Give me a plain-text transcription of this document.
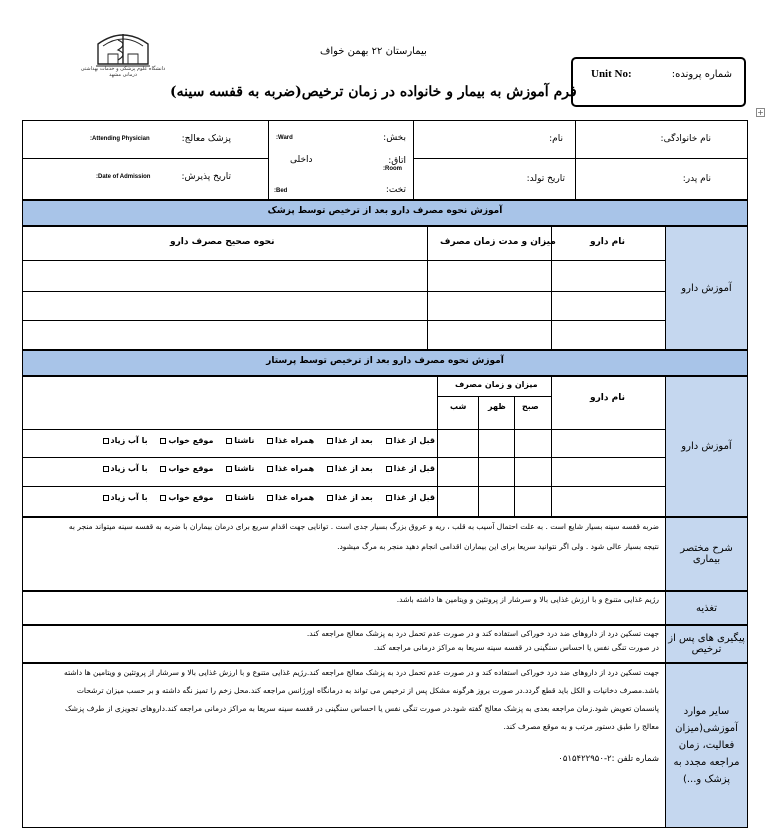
دانشگاه علوم پزشکی و خدمات بهداشتی درمانی مشهد
بیمارستان ۲۲ بهمن خواف
فرم آموزش به بیمار و خانواده در زمان ترخیص(ضربه به قفسه سینه)
شماره پرونده:
Unit No:
+
نام خانوادگی:
نام:
نام پدر:
تاریخ تولد:
بخش:
Ward:
اتاق:
Room:
داخلی
تخت:
Bed:
پزشک معالج:
Attending Physician:
تاریخ پذیرش:
Date of Admission:
آموزش نحوه مصرف دارو بعد از ترخیص توسط پزشک
آموزش دارو
نام دارو
میزان و مدت زمان مصرف
نحوه صحیح مصرف دارو
آموزش نحوه مصرف دارو بعد از ترخیص توسط پرستار
آموزش دارو
نام دارو
میزان و زمان مصرف
صبح
ظهر
شب
قبل از غذا بعد از غذا همراه غذا ناشتا موقع خواب با آب زیاد
قبل از غذا بعد از غذا همراه غذا ناشتا موقع خواب با آب زیاد
قبل از غذا بعد از غذا همراه غذا ناشتا موقع خواب با آب زیاد
شرح مختصر بیماری
ضربه قفسه سینه بسیار شایع است . به علت احتمال آسیب به قلب ، ریه و عروق بزرگ بسیار جدی است . توانایی جهت اقدام سریع برای درمان بیماران با ضربه به قفسه سینه میتواند منجر به
نتیجه بسیار عالی شود . ولی اگر نتوانید سریعا برای این بیماران اقدامی انجام دهید منجر به مرگ میشود.
تغذیه
رژیم غذایی متنوع و با ارزش غذایی بالا و سرشار از پروتئین و ویتامین ها داشته باشد.
پیگیری های پس از ترخیص
جهت تسکین درد از داروهای ضد درد خوراکی استفاده کند و در صورت عدم تحمل درد به پزشک معالج مراجعه کند.
در صورت تنگی نفس یا احساس سنگینی در قفسه سینه سریعا به مراکز درمانی مراجعه کند.
سایر موارد آموزشی(میزان فعالیت، زمان مراجعه مجدد به پزشک و...)
جهت تسکین درد از داروهای ضد درد خوراکی استفاده کند و در صورت عدم تحمل درد به پزشک معالج مراجعه کند.رژیم غذایی متنوع و با ارزش غذایی بالا و سرشار از پروتئین و ویتامین ها داشته
باشد.مصرف دخانیات و الکل باید قطع گردد.در صورت بروز هرگونه مشکل پس از ترخیص می تواند به درمانگاه اورژانس مراجعه کند.محل زخم را تمیز نگه داشته و بر حسب میزان ترشحات
پانسمان تعویض شود.زمان مراجعه بعدی به پزشک معالج گفته شود.در صورت تنگی نفس یا احساس سنگینی در قفسه سینه سریعا به مراکز درمانی مراجعه کند.داروهای تجویزی از طرف پزشک
معالج را طبق دستور مرتب و به موقع مصرف کند.
شماره تلفن :۲-۰۵۱۵۴۲۲۹۵۰
